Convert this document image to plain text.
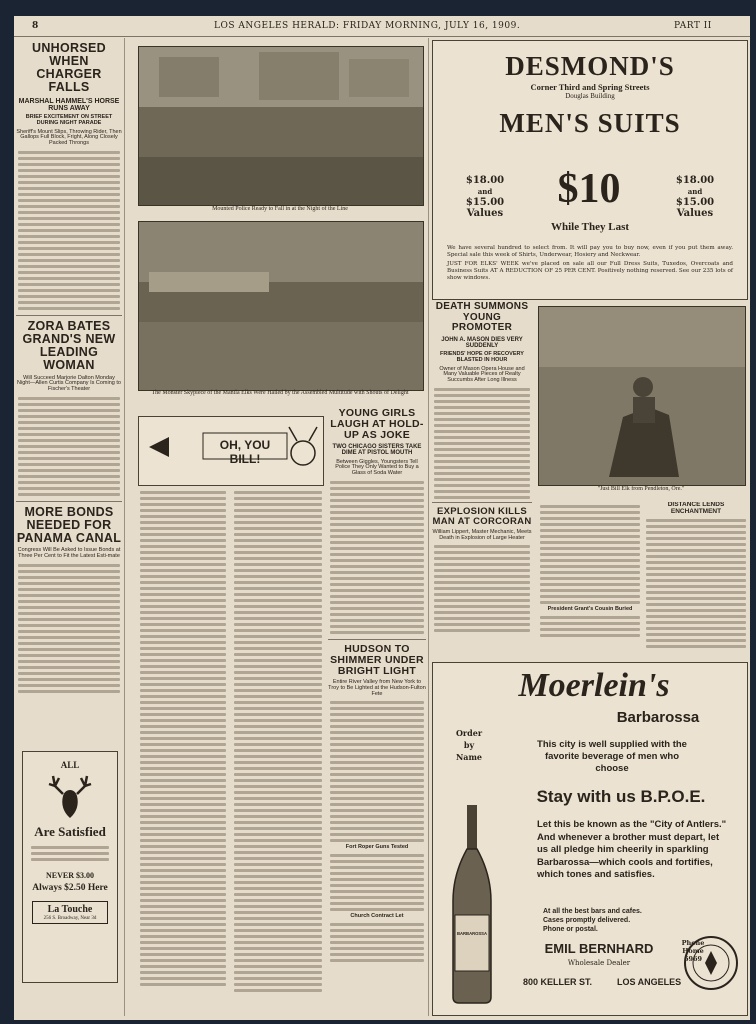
8	LOS ANGELES HERALD: FRIDAY MORNING, JULY 16, 1909.	PART II

UNHORSED WHEN CHARGER FALLS

MARSHAL HAMMEL'S HORSE RUNS AWAY

BRIEF EXCITEMENT ON STREET DURING NIGHT PARADE

Sheriff's Mount Slips, Throwing Rider, Then Gallops Full Block, Fright, Along Closely Packed Throngs

ZORA BATES GRAND'S NEW LEADING WOMAN

Will Succeed Marjorie Dalton Monday Night—Allen Curtis Company Is Coming to Fischer's Theater

MORE BONDS NEEDED FOR PANAMA CANAL

Congress Will Be Asked to Issue Bonds at Three Per Cent to Fit the Latest Esti-mate

ALL
Are Satisfied
NEVER $3.00
Always $2.50 Here
La Touche
256 S. Broadway, Near 3d
Mounted Police Ready to Fall in at the Night of the Line
The Monster Skypiece of the Manila Elks Were Hailed by the Assembled Multitude with Shouts of Delight
OH, YOU BILL!

YOUNG GIRLS LAUGH AT HOLD-UP AS JOKE

TWO CHICAGO SISTERS TAKE DIME AT PISTOL MOUTH

Between Giggles, Youngsters Tell Police They Only Wanted to Buy a Glass of Soda Water

HUDSON TO SHIMMER UNDER BRIGHT LIGHT

Entire River Valley from New York to Troy to Be Lighted at the Hudson-Fulton Fete

Fort Roper Guns Tested

Church Contract Let

DESMOND'S
Corner Third and Spring Streets
Douglas Building
MEN'S SUITS
$18.00
and
$15.00
Values
$10	$18.00
and
$15.00
Values
While They Last
We have several hundred to select from. It will pay you to buy now, even if you put them away. Special sale this week of Shirts, Underwear, Hosiery and Neckwear.
JUST FOR ELKS' WEEK we've placed on sale all our Full Dress Suits, Tuxedos, Overcoats and Business Suits AT A REDUCTION OF 25 PER CENT. Positively nothing reserved. See our 235 lots of show windows.

DEATH SUMMONS YOUNG PROMOTER

JOHN A. MASON DIES VERY SUDDENLY

FRIENDS' HOPE OF RECOVERY BLASTED IN HOUR

Owner of Mason Opera House and Many Valuable Pieces of Realty Succumbs After Long Illness

EXPLOSION KILLS MAN AT CORCORAN

William Lippert, Master Mechanic, Meets Death in Explosion of Large Heater

"Just Bill Elk from Pendleton, Ore."

DISTANCE LENDS ENCHANTMENT

President Grant's Cousin Buried

Moerlein's
Barbarossa
Order
by
Name
This city is well supplied with the
favorite beverage of men who
choose
Stay with us B.P.O.E.
Let this be known as the "City of Antlers." And whenever a brother must depart, let us all pledge him cheerily in sparkling Barbarossa—which cools and fortifies, which tones and satisfies.
At all the best bars and cafes.
Cases promptly delivered.
Phone or postal.
EMIL BERNHARD
Wholesale Dealer
Phone
Home
6969
800 KELLER ST.	LOS ANGELES
BARBAROSSA
